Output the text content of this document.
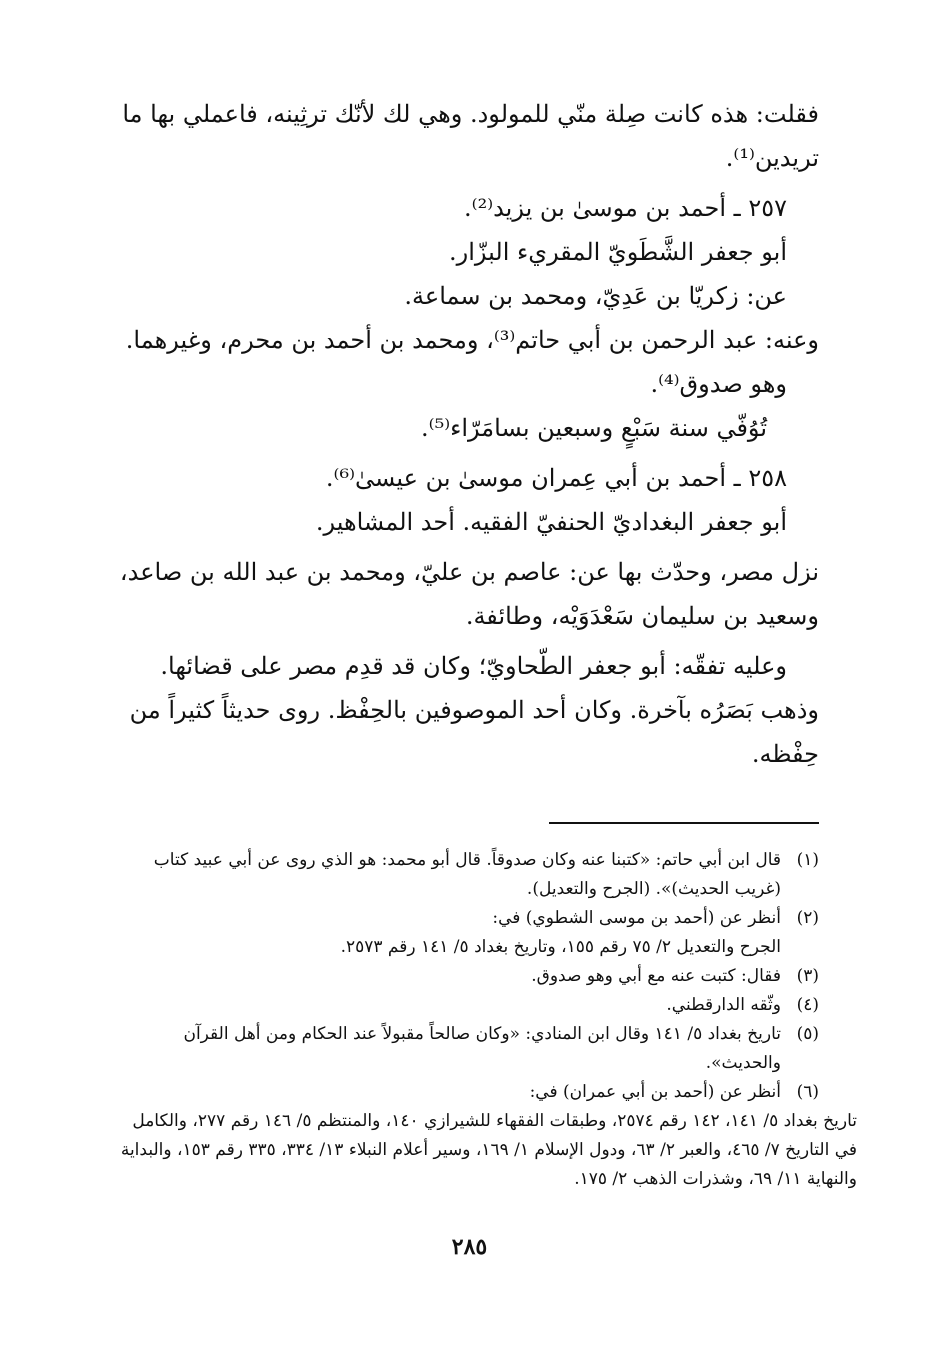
فقلت: هذه كانت صِلة منّي للمولود. وهي لك لأنّك ترثِينه، فاعملي بها ما تريدين⁽¹⁾.

٢٥٧ ـ أحمد بن موسىٰ بن يزيد⁽²⁾.

أبو جعفر الشَّطَويّ المقريء البزّار.

عن: زكريّا بن عَدِيّ، ومحمد بن سماعة.

وعنه: عبد الرحمن بن أبي حاتم⁽³⁾، ومحمد بن أحمد بن محرم، وغيرهما.

وهو صدوق⁽⁴⁾.

تُوُفّي سنة سَبْعٍ وسبعين بسامَرّاء⁽⁵⁾.

٢٥٨ ـ أحمد بن أبي عِمران موسىٰ بن عيسىٰ⁽⁶⁾.

أبو جعفر البغداديّ الحنفيّ الفقيه. أحد المشاهير.

نزل مصر، وحدّث بها عن: عاصم بن عليّ، ومحمد بن عبد الله بن صاعد، وسعيد بن سليمان سَعْدَوَيْه، وطائفة.

وعليه تفقّه: أبو جعفر الطّحاويّ؛ وكان قد قدِم مصر على قضائها.

وذهب بَصَرُه بآخرة. وكان أحد الموصوفين بالحِفْظ. روى حديثاً كثيراً من حِفْظه.

(١)
قال ابن أبي حاتم: «كتبنا عنه وكان صدوقاً. قال أبو محمد: هو الذي روى عن أبي عبيد كتاب (غريب الحديث)». (الجرح والتعديل).
(٢)
أنظر عن (أحمد بن موسى الشطوي) في:
الجرح والتعديل ٢/ ٧٥ رقم ١٥٥، وتاريخ بغداد ٥/ ١٤١ رقم ٢٥٧٣.
(٣)
فقال: كتبت عنه مع أبي وهو صدوق.
(٤)
وثّقه الدارقطني.
(٥)
تاريخ بغداد ٥/ ١٤١ وقال ابن المنادي: «وكان صالحاً مقبولاً عند الحكام ومن أهل القرآن والحديث».
(٦)
أنظر عن (أحمد بن أبي عمران) في:
تاريخ بغداد ٥/ ١٤١، ١٤٢ رقم ٢٥٧٤، وطبقات الفقهاء للشيرازي ١٤٠، والمنتظم ٥/ ١٤٦ رقم ٢٧٧، والكامل في التاريخ ٧/ ٤٦٥، والعبر ٢/ ٦٣، ودول الإسلام ١/ ١٦٩، وسير أعلام النبلاء ١٣/ ٣٣٤، ٣٣٥ رقم ١٥٣، والبداية والنهاية ١١/ ٦٩، وشذرات الذهب ٢/ ١٧٥.
٢٨٥
